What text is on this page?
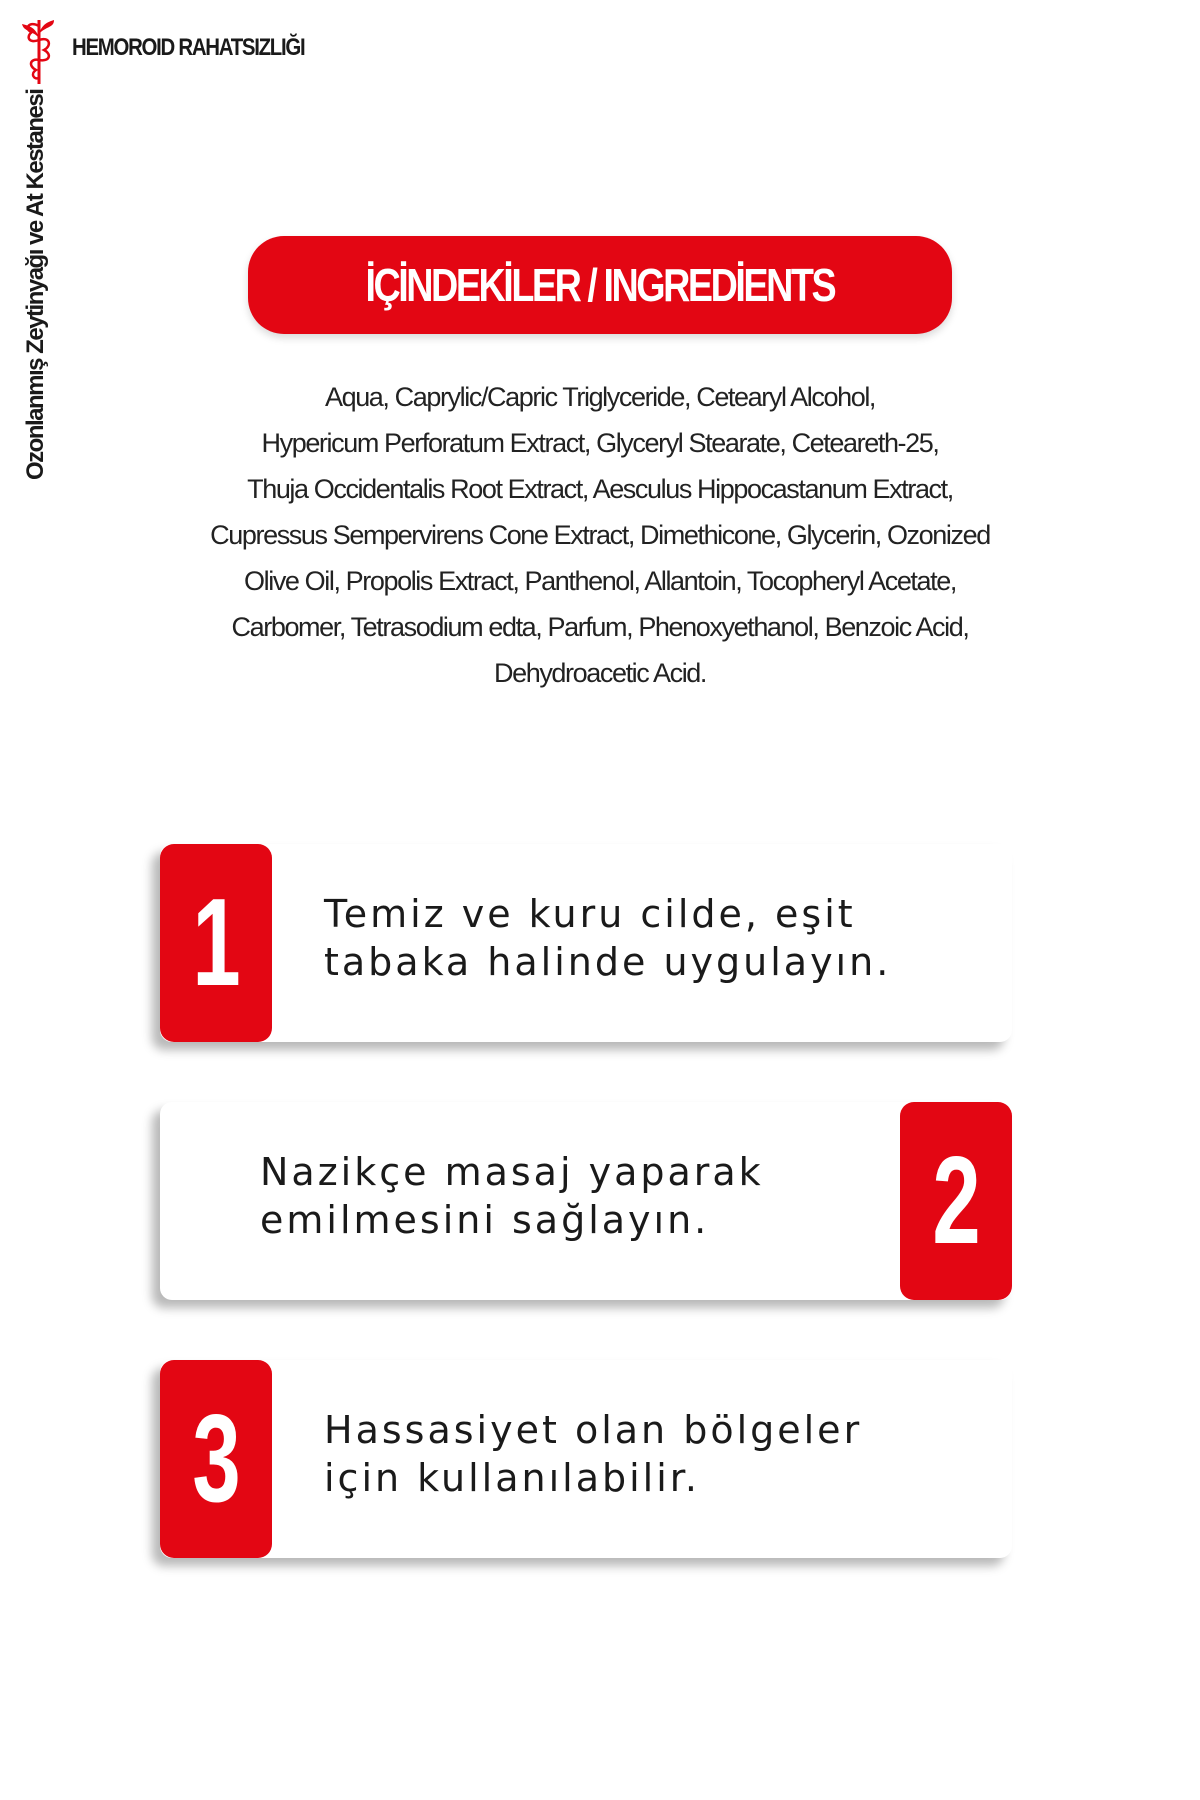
HEMOROID RAHATSIZLIĞI
Ozonlanmış Zeytinyağı ve At Kestanesi	İÇİNDEKİLER / INGREDİENTS
Aqua, Caprylic/Capric Triglyceride, Cetearyl Alcohol,
Hypericum Perforatum Extract, Glyceryl Stearate, Ceteareth-25,
Thuja Occidentalis Root Extract, Aesculus Hippocastanum Extract,
Cupressus Sempervirens Cone Extract, Dimethicone, Glycerin, Ozonized
Olive Oil, Propolis Extract, Panthenol, Allantoin, Tocopheryl Acetate,
Carbomer, Tetrasodium edta, Parfum, Phenoxyethanol, Benzoic Acid,
Dehydroacetic Acid.
1 Temiz ve kuru cilde, eşit
tabaka halinde uygulayın.
Nazikçe masaj yaparak
emilmesini sağlayın.	2
3 Hassasiyet olan bölgeler
için kullanılabilir.
